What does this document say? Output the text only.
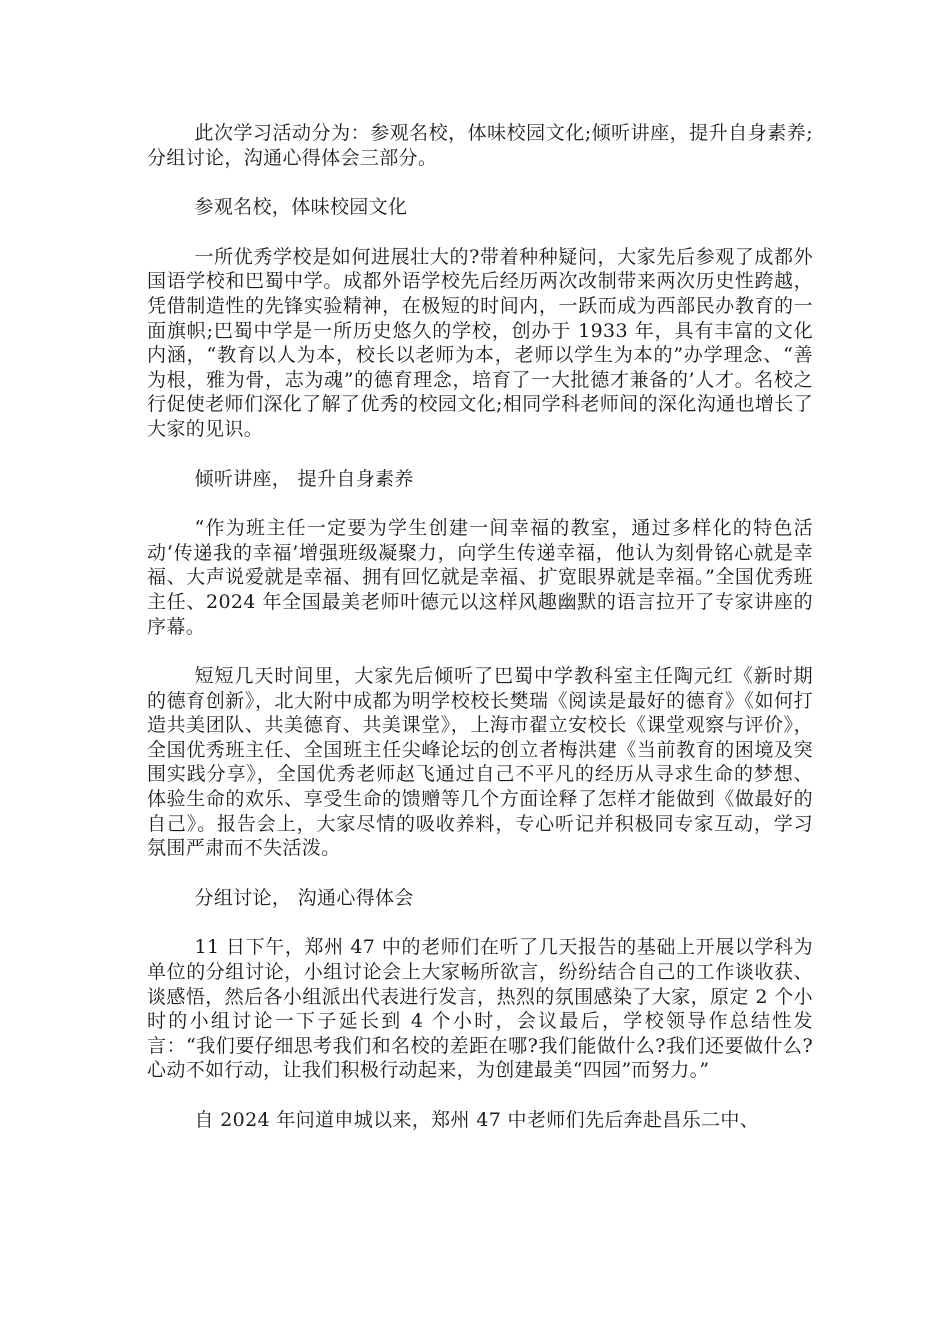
此次学习活动分为：参观名校，体味校园文化;倾听讲座，提升自身素养;分组讨论，沟通心得体会三部分。

参观名校，体味校园文化

一所优秀学校是如何进展壮大的?带着种种疑问，大家先后参观了成都外国语学校和巴蜀中学。成都外语学校先后经历两次改制带来两次历史性跨越，凭借制造性的先锋实验精神，在极短的时间内，一跃而成为西部民办教育的一面旗帜;巴蜀中学是一所历史悠久的学校，创办于 1933 年，具有丰富的文化内涵，“教育以人为本，校长以老师为本，老师以学生为本的”办学理念、“善为根，雅为骨，志为魂”的德育理念，培育了一大批德才兼备的’人才。名校之行促使老师们深化了解了优秀的校园文化;相同学科老师间的深化沟通也增长了大家的见识。

倾听讲座， 提升自身素养

“作为班主任一定要为学生创建一间幸福的教室，通过多样化的特色活动‘传递我的幸福’增强班级凝聚力，向学生传递幸福，他认为刻骨铭心就是幸福、大声说爱就是幸福、拥有回忆就是幸福、扩宽眼界就是幸福。”全国优秀班主任、2024 年全国最美老师叶德元以这样风趣幽默的语言拉开了专家讲座的序幕。

短短几天时间里，大家先后倾听了巴蜀中学教科室主任陶元红《新时期的德育创新》，北大附中成都为明学校校长樊瑞《阅读是最好的德育》《如何打造共美团队、共美德育、共美课堂》，上海市翟立安校长《课堂观察与评价》，全国优秀班主任、全国班主任尖峰论坛的创立者梅洪建《当前教育的困境及突围实践分享》，全国优秀老师赵飞通过自己不平凡的经历从寻求生命的梦想、体验生命的欢乐、享受生命的馈赠等几个方面诠释了怎样才能做到《做最好的自己》。报告会上，大家尽情的吸收养料，专心听记并积极同专家互动，学习氛围严肃而不失活泼。

分组讨论， 沟通心得体会

11 日下午，郑州 47 中的老师们在听了几天报告的基础上开展以学科为单位的分组讨论，小组讨论会上大家畅所欲言，纷纷结合自己的工作谈收获、谈感悟，然后各小组派出代表进行发言，热烈的氛围感染了大家，原定 2 个小时的小组讨论一下子延长到 4 个小时，会议最后，学校领导作总结性发言：“我们要仔细思考我们和名校的差距在哪?我们能做什么?我们还要做什么?心动不如行动，让我们积极行动起来，为创建最美“四园”而努力。”

自 2024 年问道申城以来，郑州 47 中老师们先后奔赴昌乐二中、
